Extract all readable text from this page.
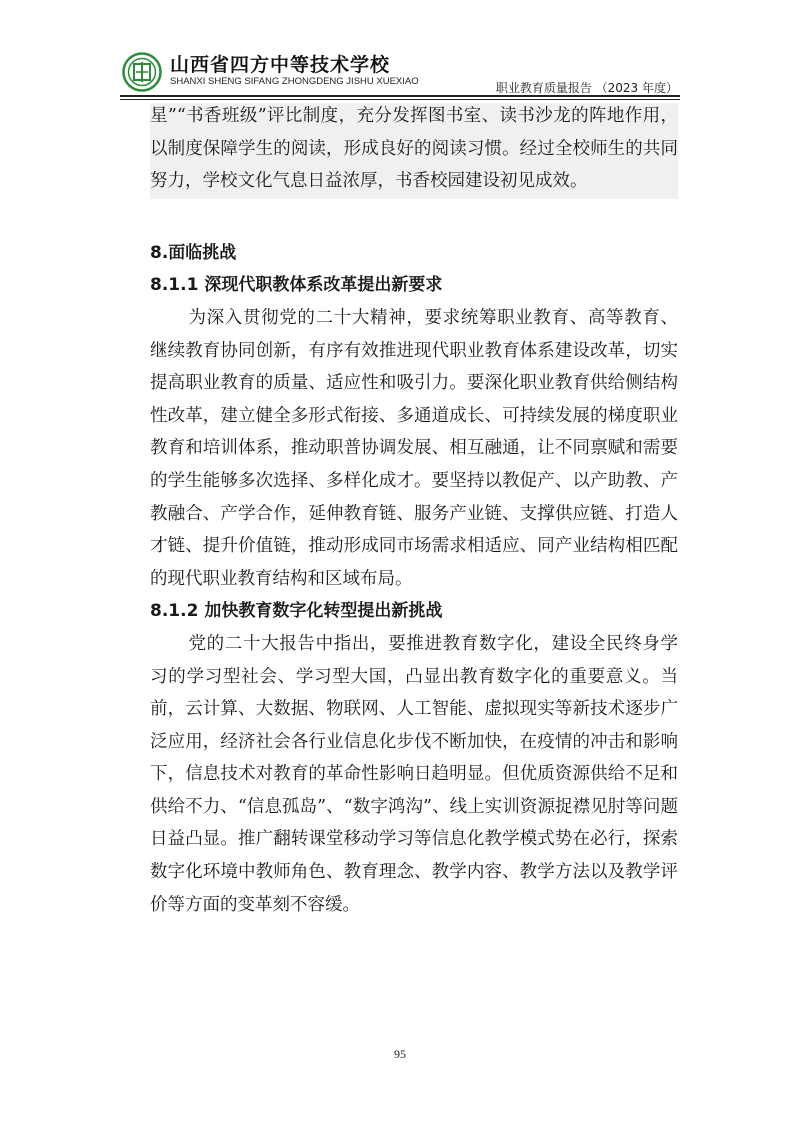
山西省四方中等技术学校
SHANXI SHENG SIFANG ZHONGDENG JISHU XUEXIAO	职业教育质量报告 （2023 年度）

星”“书香班级”评比制度，充分发挥图书室、读书沙龙的阵地作用，以制度保障学生的阅读，形成良好的阅读习惯。经过全校师生的共同努力，学校文化气息日益浓厚，书香校园建设初见成效。

8.面临挑战

8.1.1 深现代职教体系改革提出新要求

为深入贯彻党的二十大精神，要求统筹职业教育、高等教育、继续教育协同创新，有序有效推进现代职业教育体系建设改革，切实提高职业教育的质量、适应性和吸引力。要深化职业教育供给侧结构性改革，建立健全多形式衔接、多通道成长、可持续发展的梯度职业教育和培训体系，推动职普协调发展、相互融通，让不同禀赋和需要的学生能够多次选择、多样化成才。要坚持以教促产、以产助教、产教融合、产学合作，延伸教育链、服务产业链、支撑供应链、打造人才链、提升价值链，推动形成同市场需求相适应、同产业结构相匹配的现代职业教育结构和区域布局。

8.1.2 加快教育数字化转型提出新挑战

党的二十大报告中指出，要推进教育数字化，建设全民终身学习的学习型社会、学习型大国，凸显出教育数字化的重要意义。当前，云计算、大数据、物联网、人工智能、虚拟现实等新技术逐步广泛应用，经济社会各行业信息化步伐不断加快，在疫情的冲击和影响下，信息技术对教育的革命性影响日趋明显。但优质资源供给不足和供给不力、“信息孤岛”、“数字鸿沟”、线上实训资源捉襟见肘等问题日益凸显。推广翻转课堂移动学习等信息化教学模式势在必行，探索数字化环境中教师角色、教育理念、教学内容、教学方法以及教学评价等方面的变革刻不容缓。

95
